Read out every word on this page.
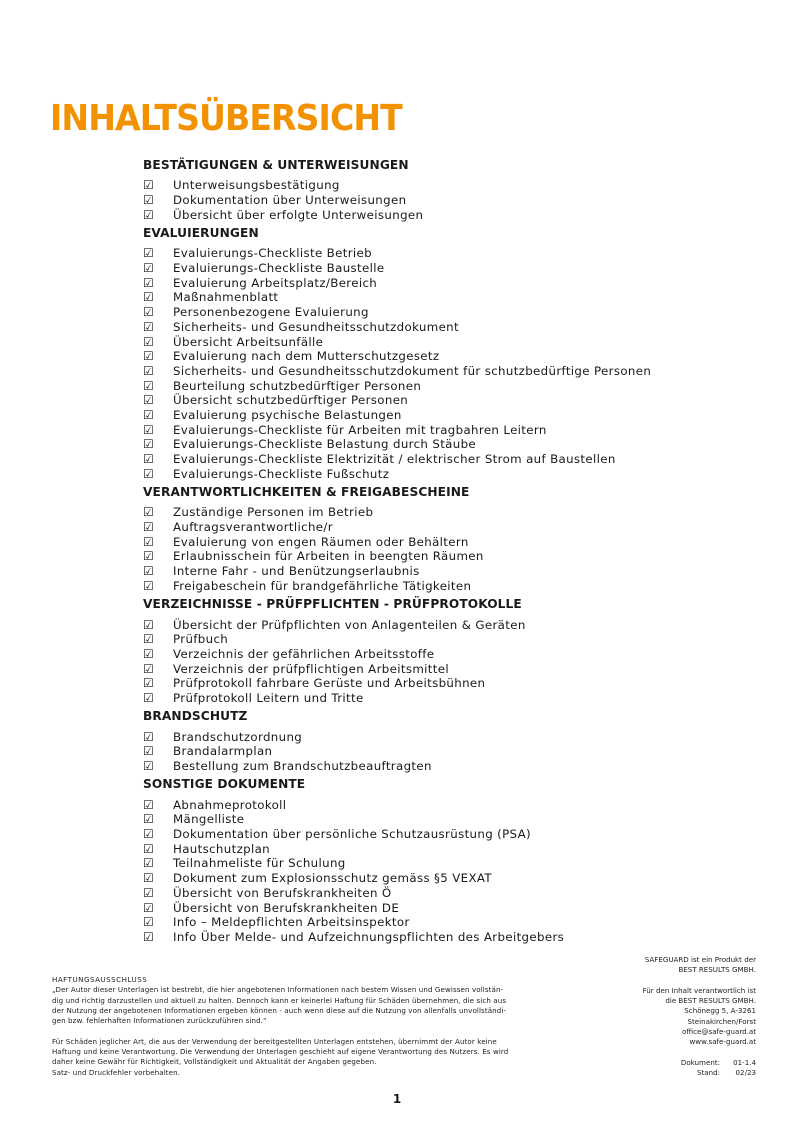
INHALTSÜBERSICHT
BESTÄTIGUNGEN & UNTERWEISUNGEN
☑ Unterweisungsbestätigung
☑ Dokumentation über Unterweisungen
☑ Übersicht über erfolgte Unterweisungen
EVALUIERUNGEN
☑ Evaluierungs-Checkliste Betrieb
☑ Evaluierungs-Checkliste Baustelle
☑ Evaluierung Arbeitsplatz/Bereich
☑ Maßnahmenblatt
☑ Personenbezogene Evaluierung
☑ Sicherheits- und Gesundheitsschutzdokument
☑ Übersicht Arbeitsunfälle
☑ Evaluierung nach dem Mutterschutzgesetz
☑ Sicherheits- und Gesundheitsschutzdokument für schutzbedürftige Personen
☑ Beurteilung schutzbedürftiger Personen
☑ Übersicht schutzbedürftiger Personen
☑ Evaluierung psychische Belastungen
☑ Evaluierungs-Checkliste für Arbeiten mit tragbahren Leitern
☑ Evaluierungs-Checkliste Belastung durch Stäube
☑ Evaluierungs-Checkliste Elektrizität / elektrischer Strom auf Baustellen
☑ Evaluierungs-Checkliste Fußschutz
VERANTWORTLICHKEITEN & FREIGABESCHEINE
☑ Zuständige Personen im Betrieb
☑ Auftragsverantwortliche/r
☑ Evaluierung von engen Räumen oder Behältern
☑ Erlaubnisschein für Arbeiten in beengten Räumen
☑ Interne Fahr - und Benützungserlaubnis
☑ Freigabeschein für brandgefährliche Tätigkeiten
VERZEICHNISSE - PRÜFPFLICHTEN - PRÜFPROTOKOLLE
☑ Übersicht der Prüfpflichten von Anlagenteilen & Geräten
☑ Prüfbuch
☑ Verzeichnis der gefährlichen Arbeitsstoffe
☑ Verzeichnis der prüfpflichtigen Arbeitsmittel
☑ Prüfprotokoll fahrbare Gerüste und Arbeitsbühnen
☑ Prüfprotokoll Leitern und Tritte
BRANDSCHUTZ
☑ Brandschutzordnung
☑ Brandalarmplan
☑ Bestellung zum Brandschutzbeauftragten
SONSTIGE DOKUMENTE
☑ Abnahmeprotokoll
☑ Mängelliste
☑ Dokumentation über persönliche Schutzausrüstung (PSA)
☑ Hautschutzplan
☑ Teilnahmeliste für Schulung
☑ Dokument zum Explosionsschutz gemäss §5 VEXAT
☑ Übersicht von Berufskrankheiten Ö
☑ Übersicht von Berufskrankheiten DE
☑ Info – Meldepflichten Arbeitsinspektor
☑ Info Über Melde- und Aufzeichnungspflichten des Arbeitgebers
HAFTUNGSAUSSCHLUSS

„Der Autor dieser Unterlagen ist bestrebt, die hier angebotenen Informationen nach bestem Wissen und Gewissen vollstän-
dig und richtig darzustellen und aktuell zu halten. Dennoch kann er keinerlei Haftung für Schäden übernehmen, die sich aus
der Nutzung der angebotenen Informationen ergeben können - auch wenn diese auf die Nutzung von allenfalls unvollständi-
gen bzw. fehlerhaften Informationen zurückzuführen sind.“

Für Schäden jeglicher Art, die aus der Verwendung der bereitgestellten Unterlagen entstehen, übernimmt der Autor keine
Haftung und keine Verantwortung. Die Verwendung der Unterlagen geschieht auf eigene Verantwortung des Nutzers. Es wird
daher keine Gewähr für Richtigkeit, Vollständigkeit und Aktualität der Angaben gegeben.
Satz- und Druckfehler vorbehalten.

SAFEGUARD ist ein Produkt der
BEST RESULTS GMBH.

Für den Inhalt verantwortlich ist
die BEST RESULTS GMBH.
Schönegg 5, A-3261
Steinakirchen/Forst
office@safe-guard.at
www.safe-guard.at

Dokument:	01-1.4
Stand:	02/23
1
